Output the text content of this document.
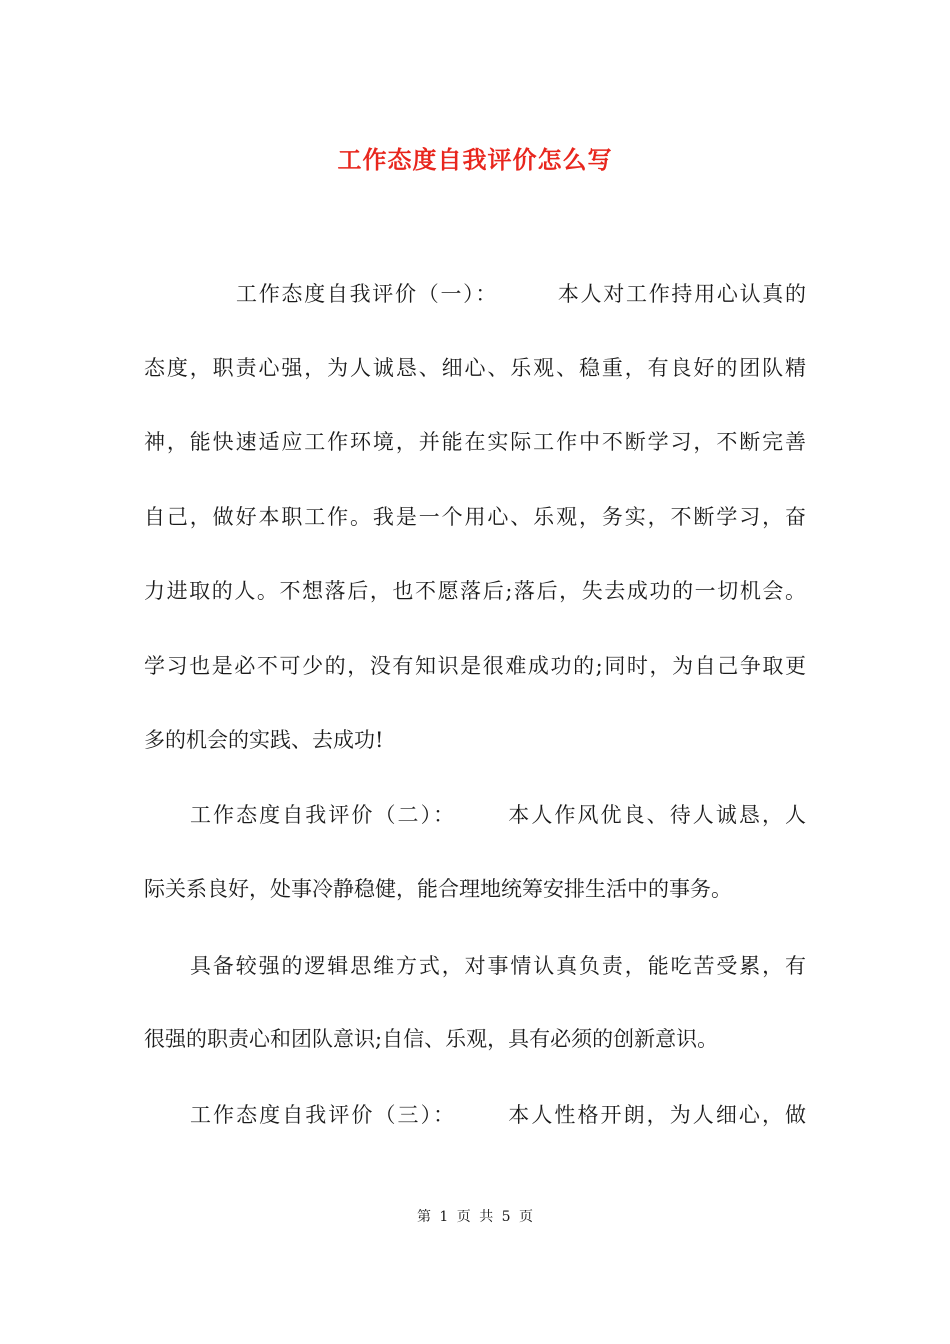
工作态度自我评价怎么写
工作态度自我评价（一）：	本人对工作持用心认真的
态度，职责心强，为人诚恳、细心、乐观、稳重，有良好的团队精
神，能快速适应工作环境，并能在实际工作中不断学习，不断完善
自己，做好本职工作。我是一个用心、乐观，务实，不断学习，奋
力进取的人。不想落后，也不愿落后;落后，失去成功的一切机会。
学习也是必不可少的，没有知识是很难成功的;同时，为自己争取更
多的机会的实践、去成功!
工作态度自我评价（二）： 本人作风优良、待人诚恳，人
际关系良好，处事冷静稳健，能合理地统筹安排生活中的事务。
具备较强的逻辑思维方式，对事情认真负责，能吃苦受累，有
很强的职责心和团队意识;自信、乐观，具有必须的创新意识。
工作态度自我评价（三）： 本人性格开朗，为人细心，做
第 1 页 共 5 页
